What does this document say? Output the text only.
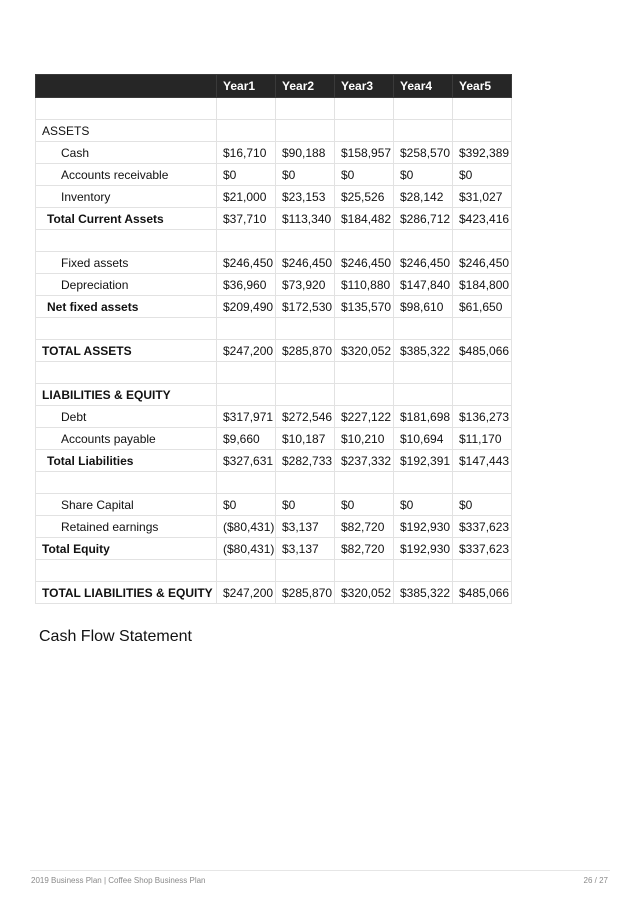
	Year1	Year2	Year3	Year4	Year5

ASSETS					
Cash	$16,710	$90,188	$158,957	$258,570	$392,389
Accounts receivable	$0	$0	$0	$0	$0
Inventory	$21,000	$23,153	$25,526	$28,142	$31,027
Total Current Assets	$37,710	$113,340	$184,482	$286,712	$423,416

Fixed assets	$246,450	$246,450	$246,450	$246,450	$246,450
Depreciation	$36,960	$73,920	$110,880	$147,840	$184,800
Net fixed assets	$209,490	$172,530	$135,570	$98,610	$61,650

TOTAL ASSETS	$247,200	$285,870	$320,052	$385,322	$485,066

LIABILITIES & EQUITY					
Debt	$317,971	$272,546	$227,122	$181,698	$136,273
Accounts payable	$9,660	$10,187	$10,210	$10,694	$11,170
Total Liabilities	$327,631	$282,733	$237,332	$192,391	$147,443

Share Capital	$0	$0	$0	$0	$0
Retained earnings	($80,431)	$3,137	$82,720	$192,930	$337,623
Total Equity	($80,431)	$3,137	$82,720	$192,930	$337,623

TOTAL LIABILITIES & EQUITY	$247,200	$285,870	$320,052	$385,322	$485,066
Cash Flow Statement
2019 Business Plan | Coffee Shop Business Plan	26 / 27
